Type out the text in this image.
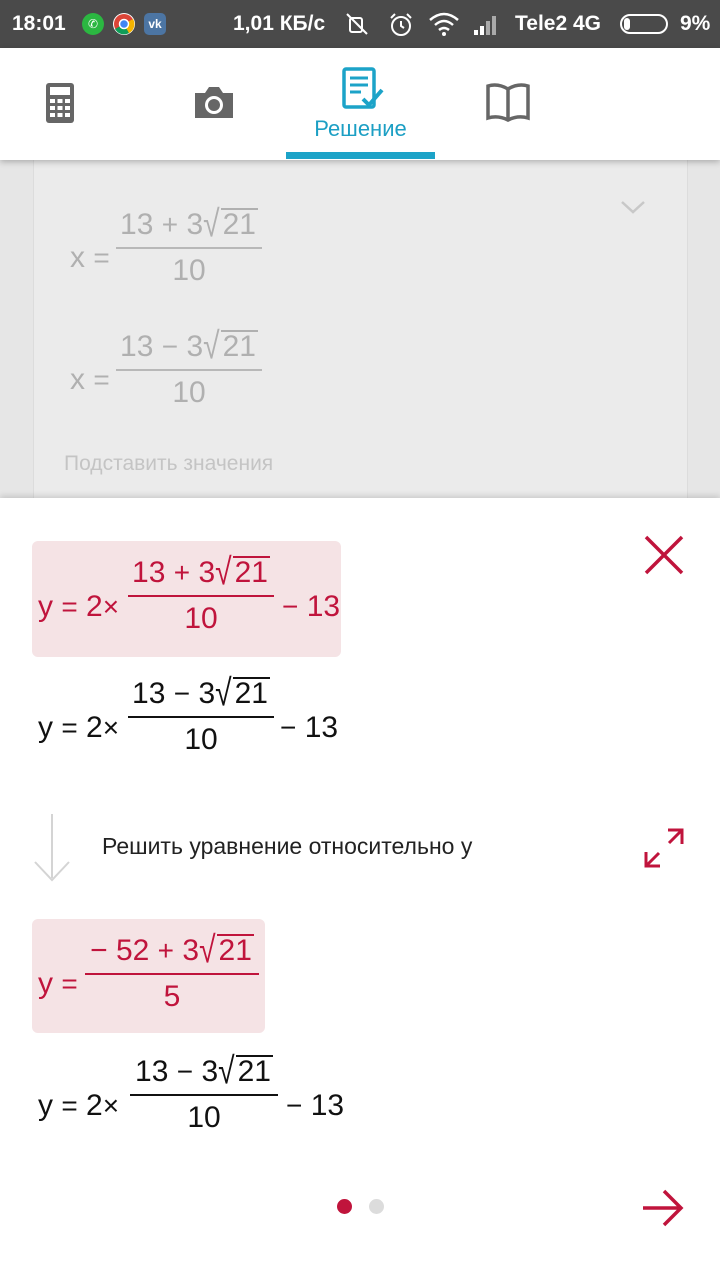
18:01	✆	vk	1,01 КБ/с	Tele2 4G	9%
Решение
x =
13 + 3√ 21
10
x =
13 − 3√ 21
10
Подставить значения
y = 2×
13 + 3√ 21
10	− 13
y = 2×
13 − 3√ 21
10	− 13
Решить уравнение относительно y
y =
− 52 + 3√ 21
5
y = 2×
13 − 3√ 21
10	− 13
